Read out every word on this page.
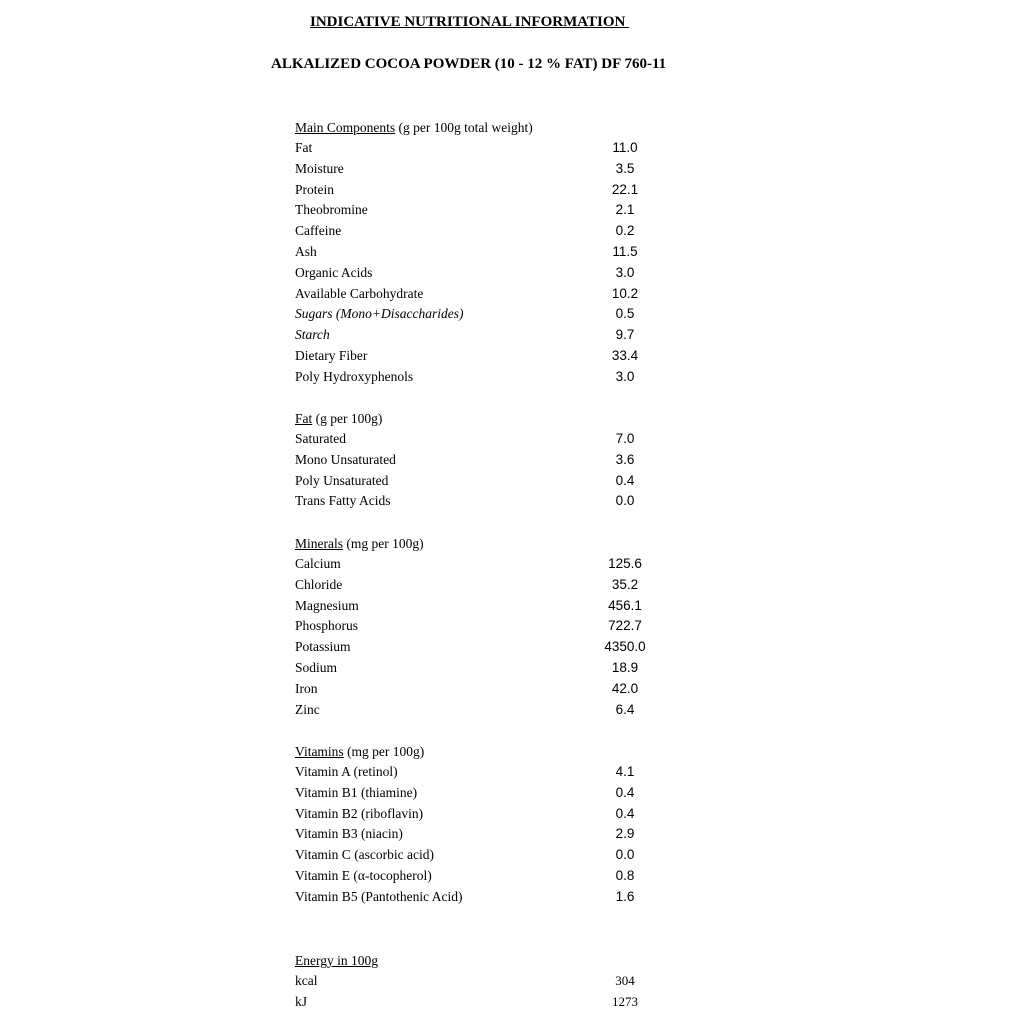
INDICATIVE NUTRITIONAL INFORMATION
ALKALIZED COCOA POWDER (10 - 12 % FAT) DF 760-11
Main Components (g per 100g total weight)
Fat	11.0
Moisture	3.5
Protein	22.1
Theobromine	2.1
Caffeine	0.2
Ash	11.5
Organic Acids	3.0
Available Carbohydrate	10.2
Sugars (Mono+Disaccharides)	0.5
Starch	9.7
Dietary Fiber	33.4
Poly Hydroxyphenols	3.0
Fat (g per 100g)
Saturated	7.0
Mono Unsaturated	3.6
Poly Unsaturated	0.4
Trans Fatty Acids	0.0
Minerals (mg per 100g)
Calcium	125.6
Chloride	35.2
Magnesium	456.1
Phosphorus	722.7
Potassium	4350.0
Sodium	18.9
Iron	42.0
Zinc	6.4
Vitamins (mg per 100g)
Vitamin A (retinol)	4.1
Vitamin B1 (thiamine)	0.4
Vitamin B2 (riboflavin)	0.4
Vitamin B3 (niacin)	2.9
Vitamin C (ascorbic acid)	0.0
Vitamin E (α-tocopherol)	0.8
Vitamin B5 (Pantothenic Acid)	1.6
Energy in 100g
kcal	304
kJ	1273
